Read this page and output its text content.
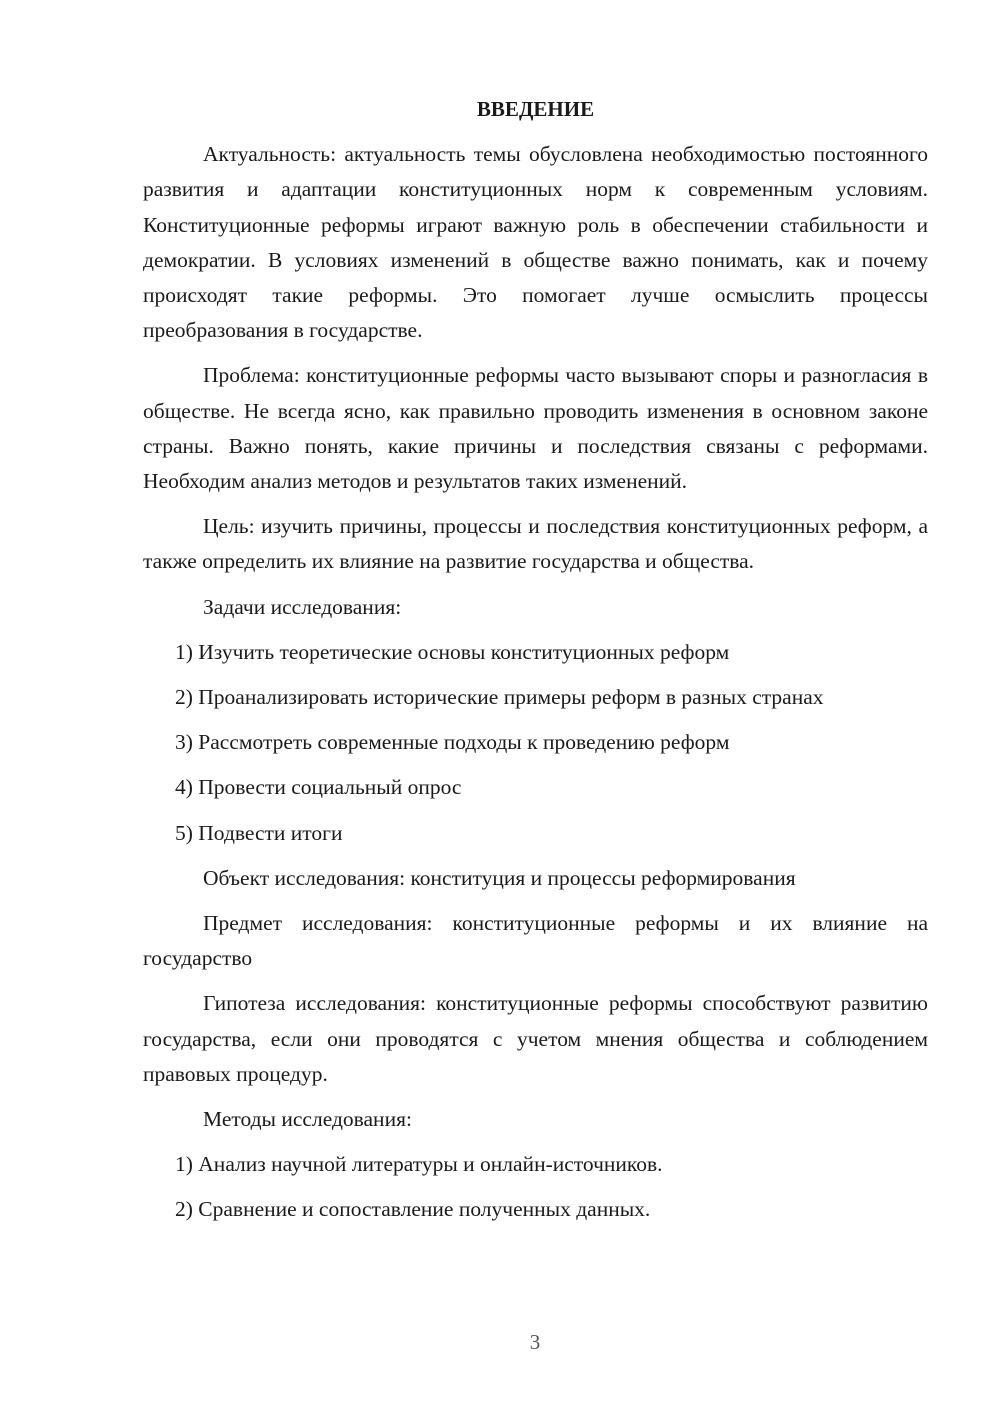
ВВЕДЕНИЕ

Актуальность: актуальность темы обусловлена необходимостью постоянного развития и адаптации конституционных норм к современным условиям. Конституционные реформы играют важную роль в обеспечении стабильности и демократии. В условиях изменений в обществе важно понимать, как и почему происходят такие реформы. Это помогает лучше осмыслить процессы преобразования в государстве.

Проблема: конституционные реформы часто вызывают споры и разногласия в обществе. Не всегда ясно, как правильно проводить изменения в основном законе страны. Важно понять, какие причины и последствия связаны с реформами. Необходим анализ методов и результатов таких изменений.

Цель: изучить причины, процессы и последствия конституционных реформ, а также определить их влияние на развитие государства и общества.

Задачи исследования:

1) Изучить теоретические основы конституционных реформ

2) Проанализировать исторические примеры реформ в разных странах

3) Рассмотреть современные подходы к проведению реформ

4) Провести социальный опрос

5) Подвести итоги

Объект исследования: конституция и процессы реформирования

Предмет исследования: конституционные реформы и их влияние на государство

Гипотеза исследования: конституционные реформы способствуют развитию государства, если они проводятся с учетом мнения общества и соблюдением правовых процедур.

Методы исследования:

1) Анализ научной литературы и онлайн-источников.

2) Сравнение и сопоставление полученных данных.

3
